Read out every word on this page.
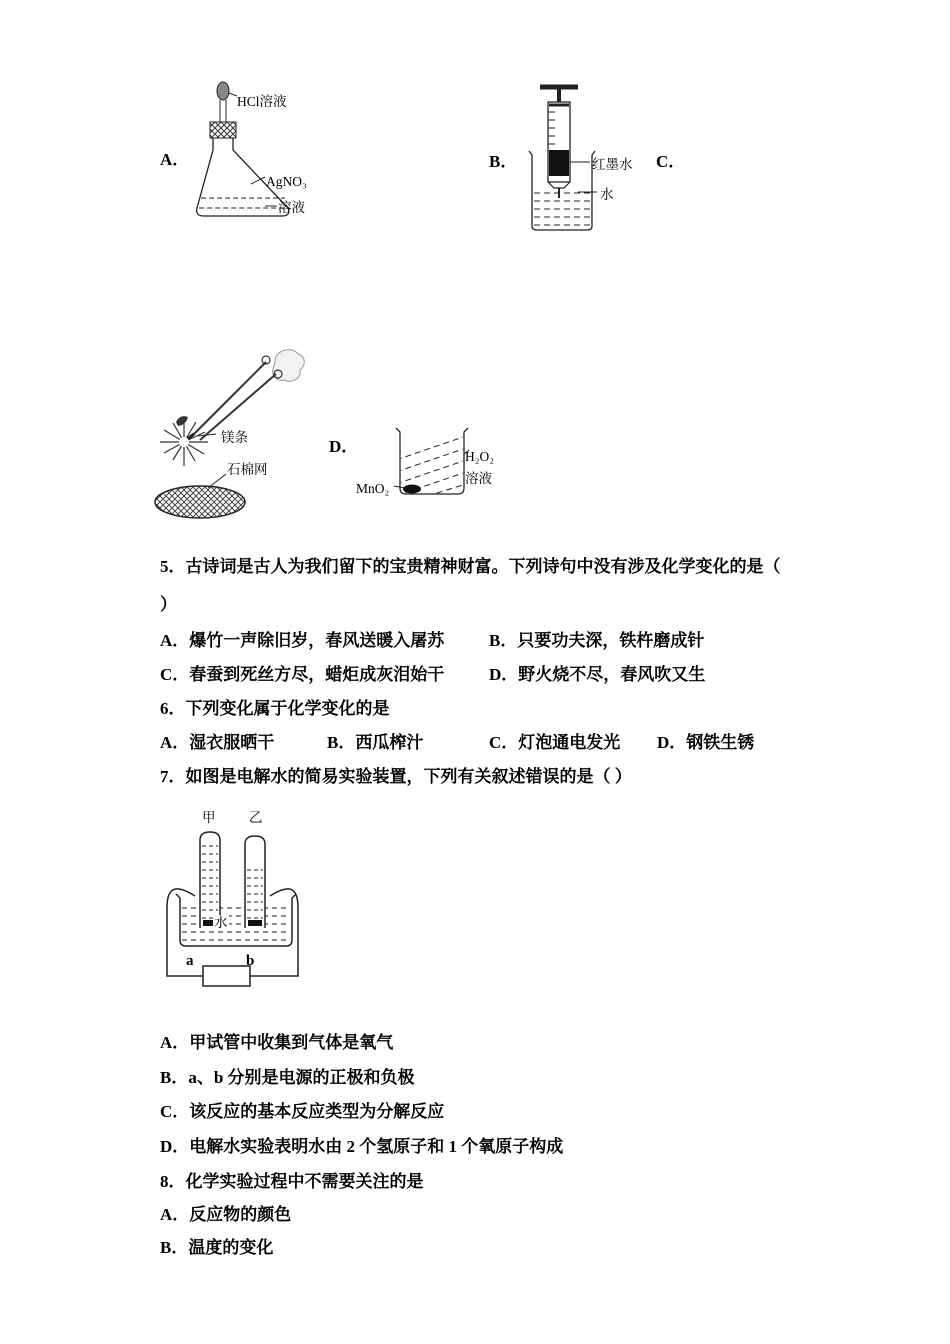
A．
HCl溶液
AgNO₃
溶液
B．	C．
红墨水
水
镁条
石棉网
D．
H₂O₂
溶液
MnO₂
5．古诗词是古人为我们留下的宝贵精神财富。下列诗句中没有涉及化学变化的是（
）
A．爆竹一声除旧岁，春风送暖入屠苏	B．只要功夫深，铁杵磨成针
C．春蚕到死丝方尽，蜡炬成灰泪始干	D．野火烧不尽，春风吹又生
6．下列变化属于化学变化的是
A．湿衣服晒干	B．西瓜榨汁	C．灯泡通电发光 D．钢铁生锈
7．如图是电解水的简易实验装置，下列有关叙述错误的是（ ）
甲 乙
水
a	b
A．甲试管中收集到气体是氧气
B．a、b 分别是电源的正极和负极
C．该反应的基本反应类型为分解反应
D．电解水实验表明水由 2 个氢原子和 1 个氧原子构成
8．化学实验过程中不需要关注的是
A．反应物的颜色
B．温度的变化
